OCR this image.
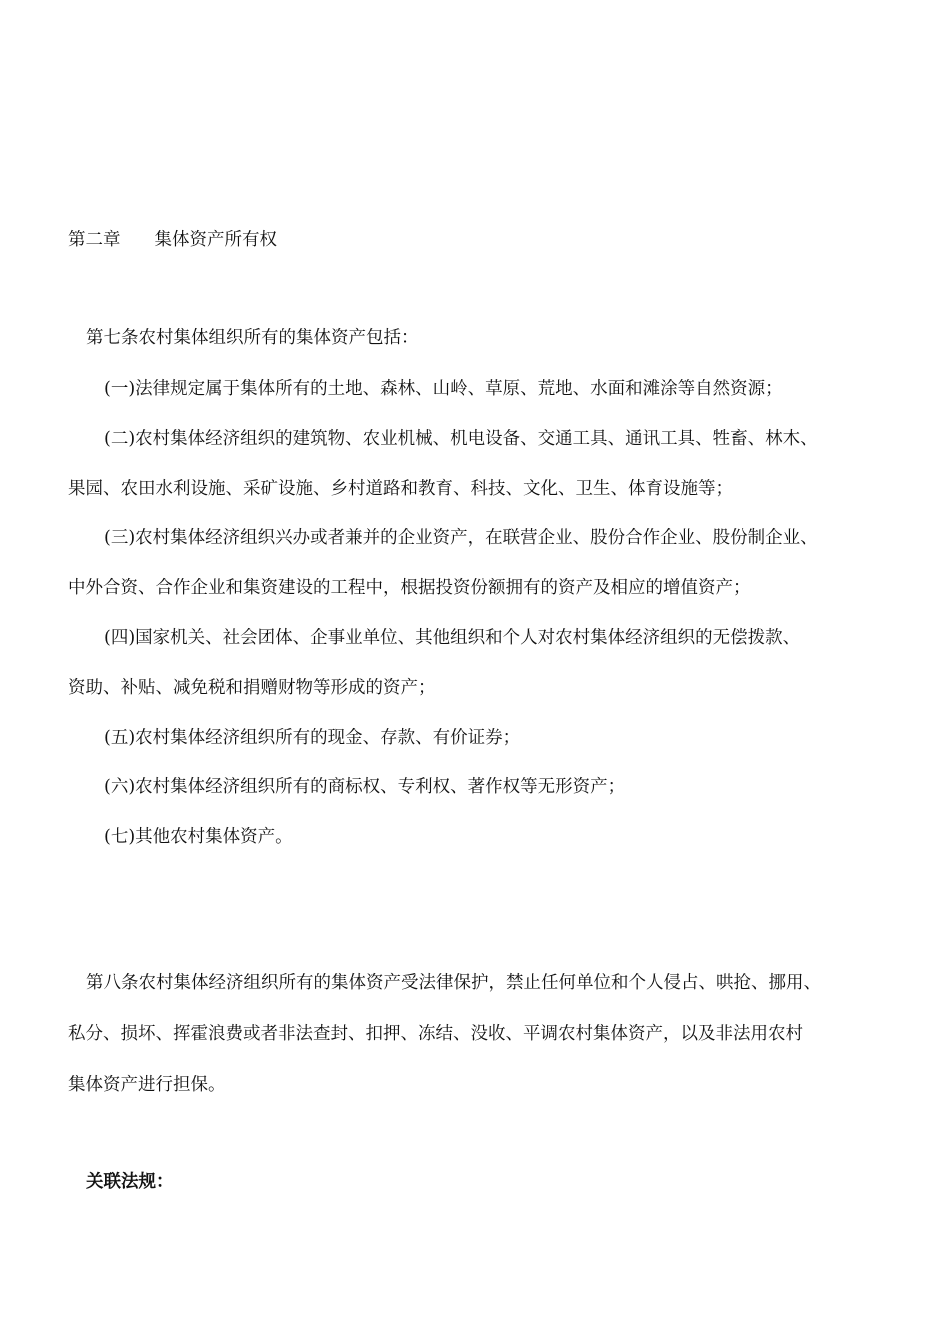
第二章 集体资产所有权
第七条农村集体组织所有的集体资产包括：
(一)法律规定属于集体所有的土地、森林、山岭、草原、荒地、水面和滩涂等自然资源；
(二)农村集体经济组织的建筑物、农业机械、机电设备、交通工具、通讯工具、牲畜、林木、
果园、农田水利设施、采矿设施、乡村道路和教育、科技、文化、卫生、体育设施等；
(三)农村集体经济组织兴办或者兼并的企业资产，在联营企业、股份合作企业、股份制企业、
中外合资、合作企业和集资建设的工程中，根据投资份额拥有的资产及相应的增值资产；
(四)国家机关、社会团体、企事业单位、其他组织和个人对农村集体经济组织的无偿拨款、
资助、补贴、减免税和捐赠财物等形成的资产；
(五)农村集体经济组织所有的现金、存款、有价证券；
(六)农村集体经济组织所有的商标权、专利权、著作权等无形资产；
(七)其他农村集体资产。
第八条农村集体经济组织所有的集体资产受法律保护，禁止任何单位和个人侵占、哄抢、挪用、
私分、损坏、挥霍浪费或者非法查封、扣押、冻结、没收、平调农村集体资产，以及非法用农村
集体资产进行担保。
关联法规：
